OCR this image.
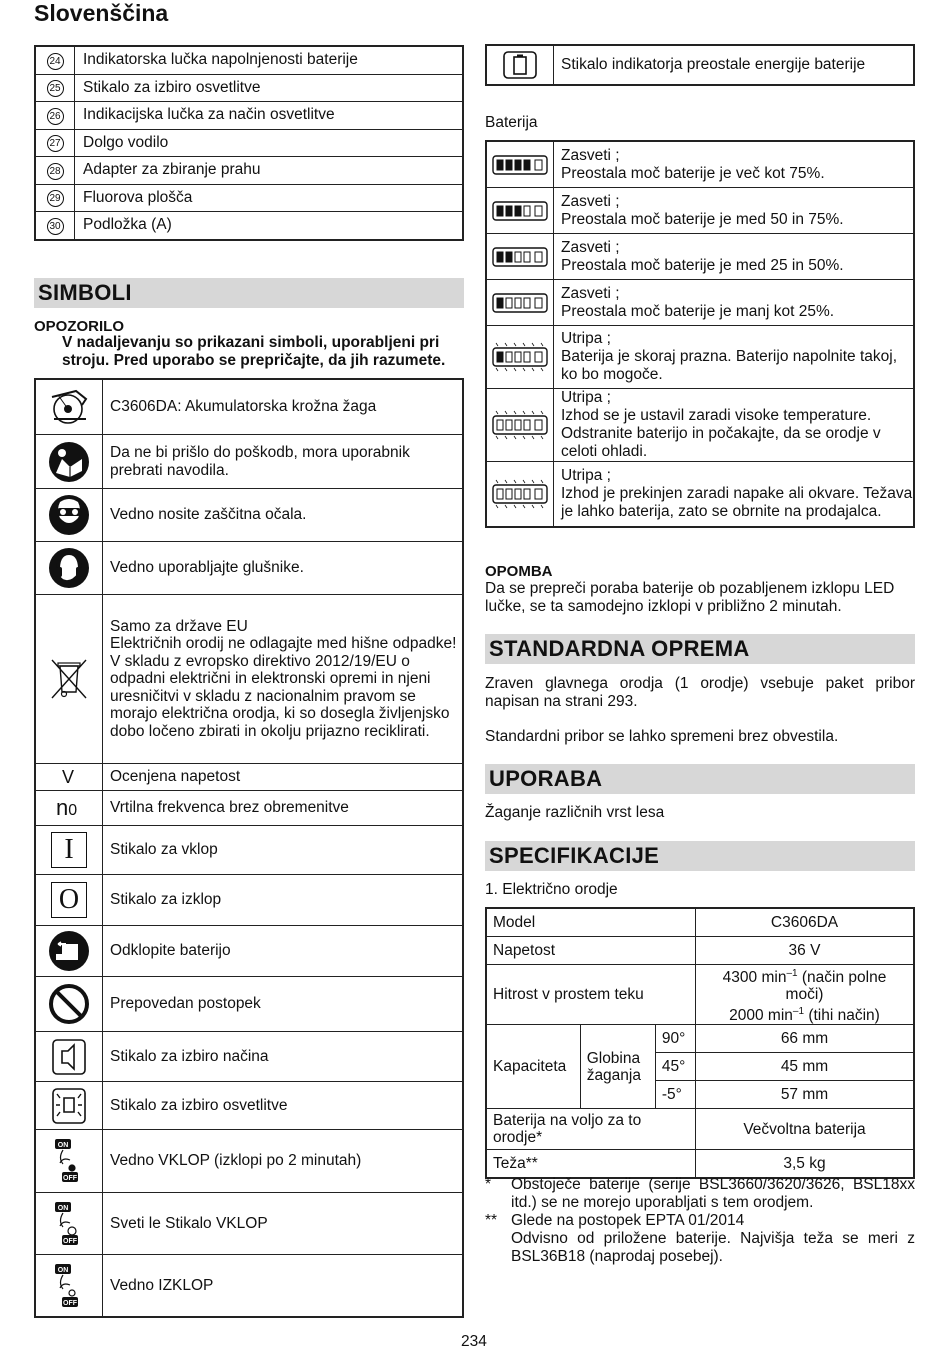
Slovenščina
24	Indikatorska lučka napolnjenosti baterije
25	Stikalo za izbiro osvetlitve
26	Indikacijska lučka za način osvetlitve
27	Dolgo vodilo
28	Adapter za zbiranje prahu
29	Fluorova plošča
30	Podložka (A)
SIMBOLI
OPOZORILO
V nadaljevanju so prikazani simboli, uporabljeni pri stroju. Pred uporabo se prepričajte, da jih razumete.

C3606DA: Akumulatorska krožna žaga

Da ne bi prišlo do poškodb, mora uporabnik prebrati navodila.

Vedno nosite zaščitna očala.

Vedno uporabljajte glušnike.

Samo za države EU
Električnih orodij ne odlagajte med hišne odpadke!
V skladu z evropsko direktivo 2012/19/EU o odpadni električni in elektronski opremi in njeni uresničitvi v skladu z nacionalnim pravom se morajo električna orodja, ki so dosegla življenjsko dobo ločeno zbirati in okolju prijazno reciklirati.

V	Ocenjena napetost

n0	Vrtilna frekvenca brez obremenitve

I	Stikalo za vklop

O	Stikalo za izklop

Odklopite baterijo

Prepovedan postopek

Stikalo za izbiro načina

Stikalo za izbiro osvetlitve

ON
OFF	Vedno VKLOP (izklopi po 2 minutah)

ON
OFF	Sveti le Stikalo VKLOP

ON
OFF	Vedno IZKLOP
	Stikalo indikatorja preostale energije baterije
Baterija

Zasveti ;
Preostala moč baterije je več kot 75%.

Zasveti ;
Preostala moč baterije je med 50 in 75%.

Zasveti ;
Preostala moč baterije je med 25 in 50%.

Zasveti ;
Preostala moč baterije je manj kot 25%.

Utripa ;
Baterija je skoraj prazna. Baterijo napolnite takoj, ko bo mogoče.

Utripa ;
Izhod se je ustavil zaradi visoke temperature. Odstranite baterijo in počakajte, da se orodje v celoti ohladi.

Utripa ;
Izhod je prekinjen zaradi napake ali okvare. Težava je lahko baterija, zato se obrnite na prodajalca.
OPOMBA
Da se prepreči poraba baterije ob pozabljenem izklopu LED lučke, se ta samodejno izklopi v približno 2 minutah.
STANDARDNA OPREMA
Zraven glavnega orodja (1 orodje) vsebuje paket pribor napisan na strani 293.
Standardni pribor se lahko spremeni brez obvestila.
UPORABA
Žaganje različnih vrst lesa
SPECIFIKACIJE
1. Električno orodje
Model			C3606DA
Napetost			36 V
Hitrost v prostem teku			4300 $\min^{-1}$ (način polne moči)
2000 $\min^{-1}$ (tihi način)
Kapaciteta	Globina žaganja	90°	66 mm
		45°	45 mm
		-5°	57 mm
Baterija na voljo za to orodje*			Večvoltna baterija
Teža**			3,5 kg
* Obstoječe baterije (serije BSL3660/3620/3626, BSL18xx itd.) se ne morejo uporabljati s tem orodjem.
** Glede na postopek EPTA 01/2014
Odvisno od priložene baterije. Najvišja teža se meri z BSL36B18 (naprodaj posebej).
234
